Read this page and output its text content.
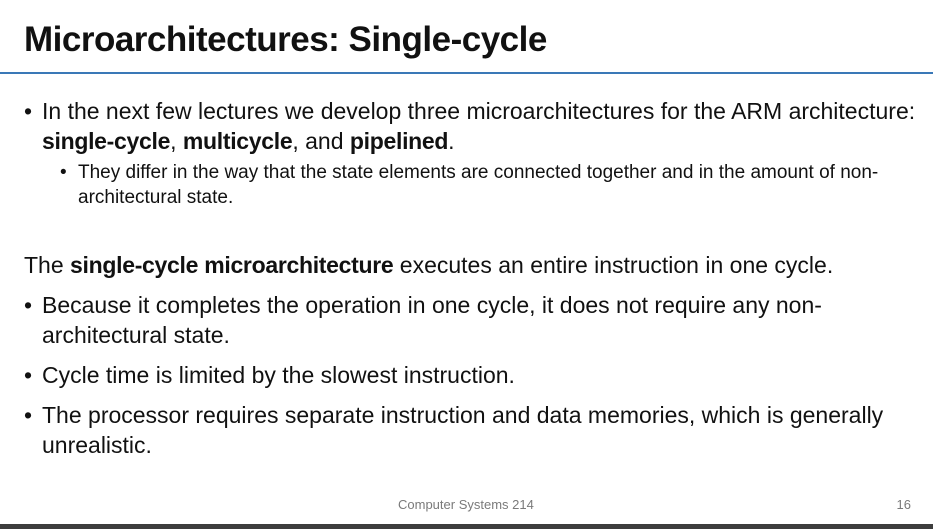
Microarchitectures: Single-cycle

• In the next few lectures we develop three microarchitectures for the ARM architecture: single-cycle, multicycle, and pipelined.

• They differ in the way that the state elements are connected together and in the amount of non-architectural state.

The single-cycle microarchitecture executes an entire instruction in one cycle.

• Because it completes the operation in one cycle, it does not require any non-architectural state.

• Cycle time is limited by the slowest instruction.

• The processor requires separate instruction and data memories, which is generally unrealistic.

Computer Systems 214	16
